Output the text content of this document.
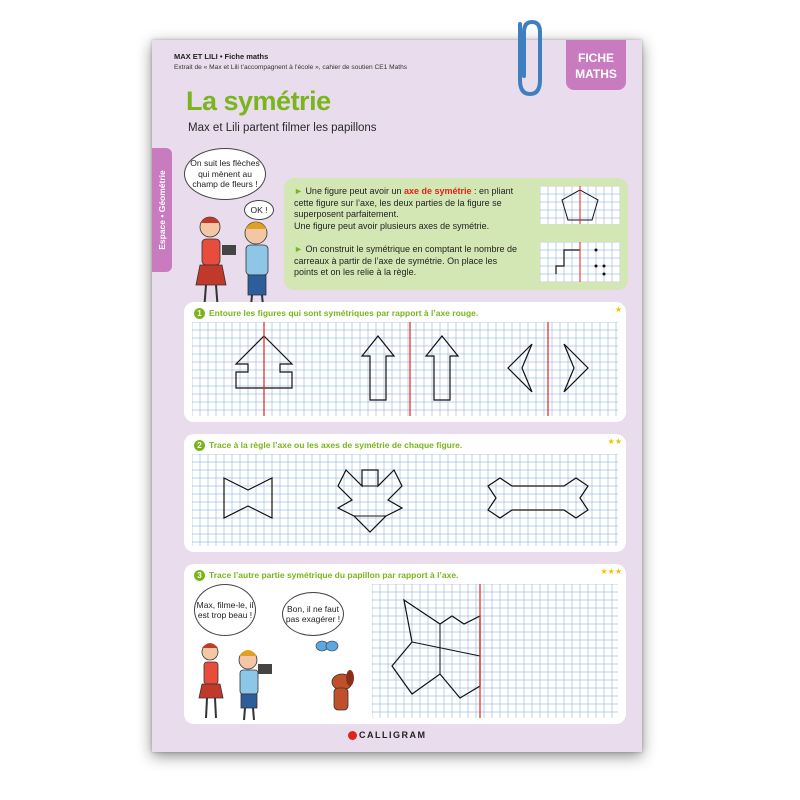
MAX ET LILI • Fiche maths
Extrait de « Max et Lili t’accompagnent à l’école », cahier de soutien CE1 Maths
La symétrie
Max et Lili partent filmer les papillons
FICHE
MATHS
Espace • Géométrie
On suit les flèches qui mènent au champ de fleurs !
OK !
► Une figure peut avoir un axe de symétrie : en pliant cette figure sur l’axe, les deux parties de la figure se superposent parfaitement.
Une figure peut avoir plusieurs axes de symétrie.
► On construit le symétrique en comptant le nombre de carreaux à partir de l’axe de symétrie. On place les points et on les relie à la règle.
1 Entoure les figures qui sont symétriques par rapport à l’axe rouge.	★
2 Trace à la règle l’axe ou les axes de symétrie de chaque figure.	★★
3 Trace l’autre partie symétrique du papillon par rapport à l’axe.	★★★
Max, filme-le, il est trop beau !
Bon, il ne faut pas exagérer !
CALLIGRAM
